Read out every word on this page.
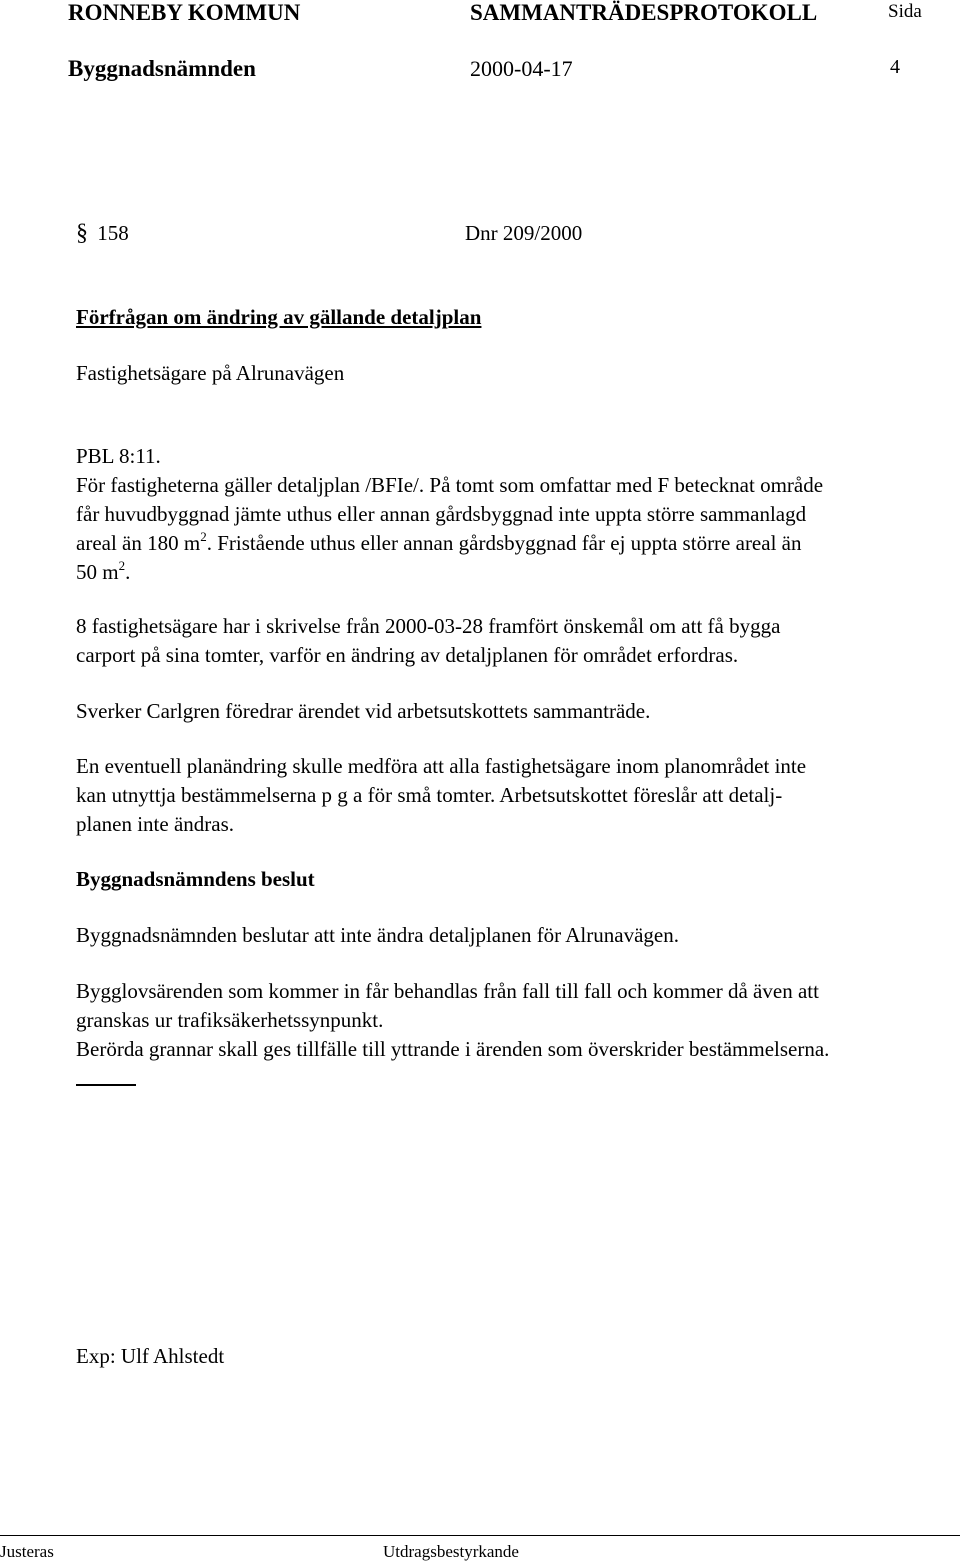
RONNEBY KOMMUN	SAMMANTRÄDESPROTOKOLL	Sida
Byggnadsnämnden	2000-04-17	4
§ 158	Dnr 209/2000
Förfrågan om ändring av gällande detaljplan
Fastighetsägare på Alrunavägen
PBL 8:11.
För fastigheterna gäller detaljplan /BFIe/. På tomt som omfattar med F betecknat område
får huvudbyggnad jämte uthus eller annan gårdsbyggnad inte uppta större sammanlagd
areal än 180 $m^2$. Fristående uthus eller annan gårdsbyggnad får ej uppta större areal än
50 $m^2$.
8 fastighetsägare har i skrivelse från 2000-03-28 framfört önskemål om att få bygga
carport på sina tomter, varför en ändring av detaljplanen för området erfordras.
Sverker Carlgren föredrar ärendet vid arbetsutskottets sammanträde.
En eventuell planändring skulle medföra att alla fastighetsägare inom planområdet inte
kan utnyttja bestämmelserna p g a för små tomter. Arbetsutskottet föreslår att detalj-
planen inte ändras.
Byggnadsnämndens beslut
Byggnadsnämnden beslutar att inte ändra detaljplanen för Alrunavägen.
Bygglovsärenden som kommer in får behandlas från fall till fall och kommer då även att
granskas ur trafiksäkerhetssynpunkt.
Berörda grannar skall ges tillfälle till yttrande i ärenden som överskrider bestämmelserna.
Exp: Ulf Ahlstedt
Justeras	Utdragsbestyrkande
